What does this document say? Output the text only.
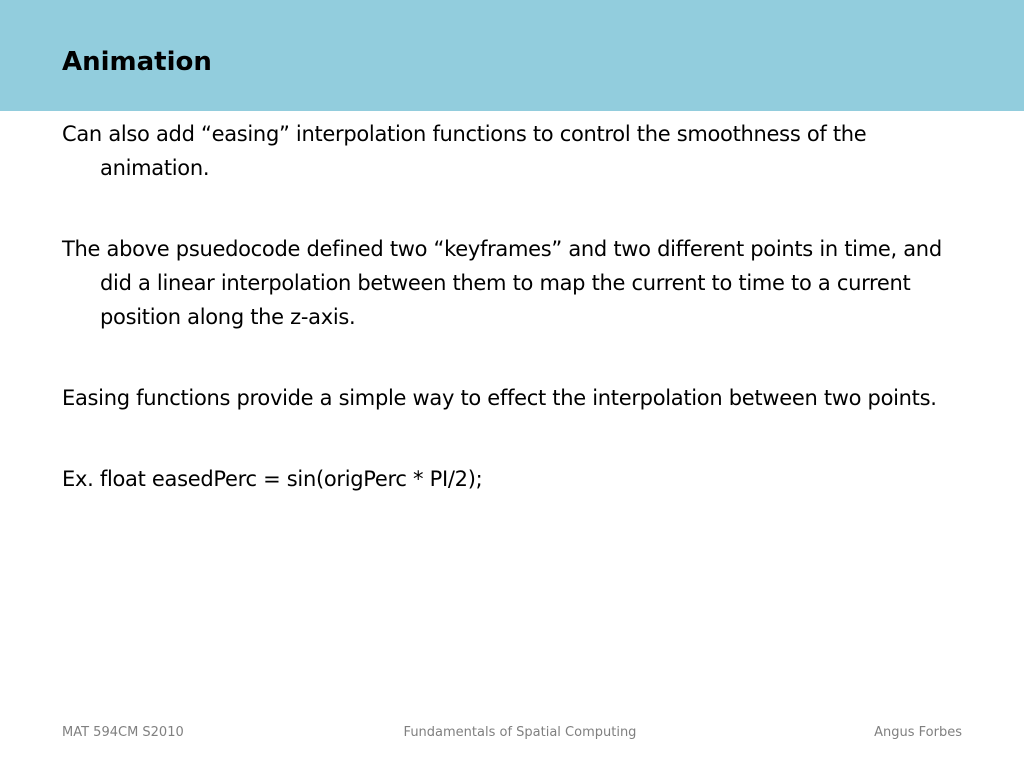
Animation

Can also add “easing” interpolation functions to control the smoothness of the animation.

The above psuedocode defined two “keyframes” and two different points in time, and did a linear interpolation between them to map the current to time to a current position along the z-axis.

Easing functions provide a simple way to effect the interpolation between two points.

Ex. float easedPerc = sin(origPerc * PI/2);

MAT 594CM S2010	Fundamentals of Spatial Computing	Angus Forbes
